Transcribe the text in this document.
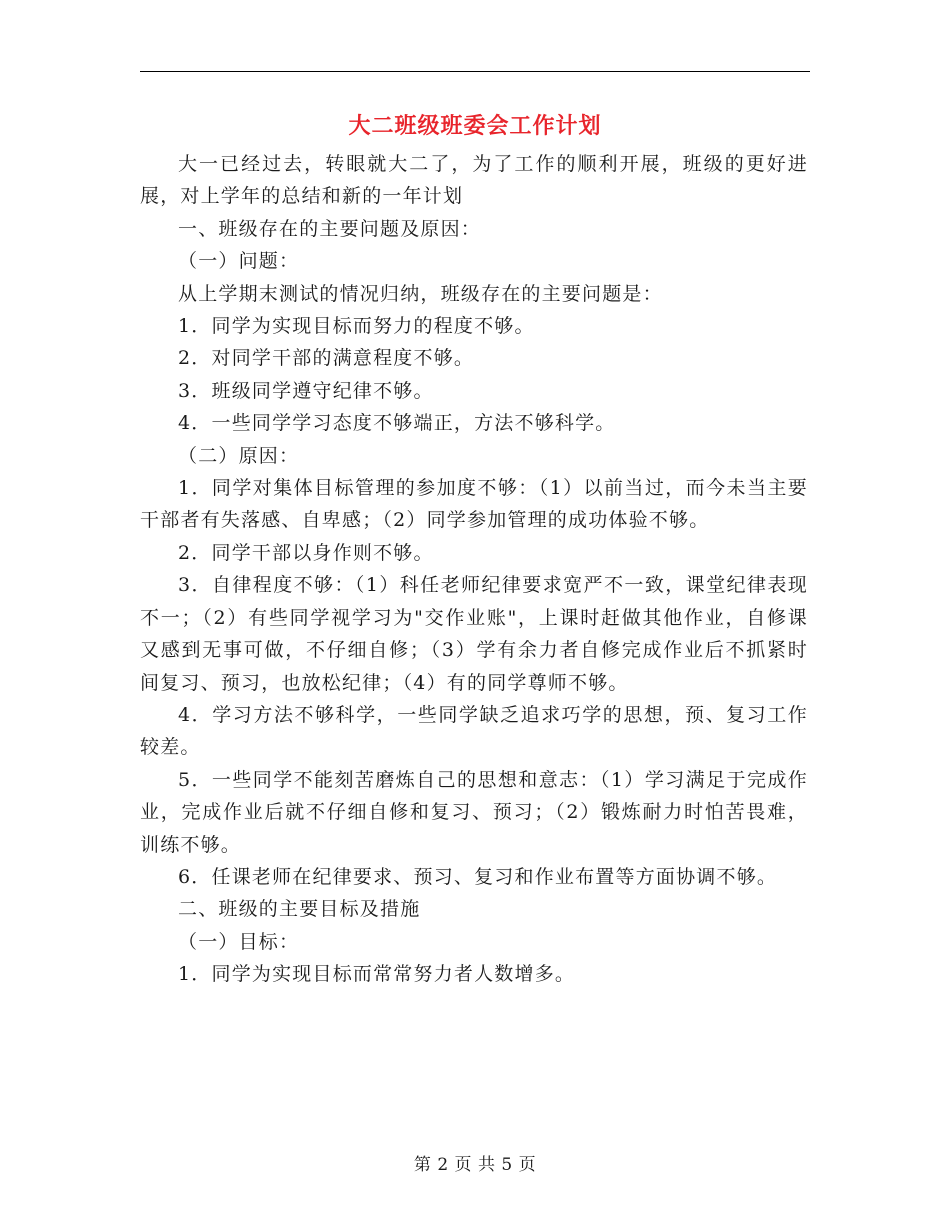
大二班级班委会工作计划

大一已经过去，转眼就大二了，为了工作的顺利开展，班级的更好进展，对上学年的总结和新的一年计划

一、班级存在的主要问题及原因：

（一）问题：

从上学期末测试的情况归纳，班级存在的主要问题是：

1．同学为实现目标而努力的程度不够。

2．对同学干部的满意程度不够。

3．班级同学遵守纪律不够。

4．一些同学学习态度不够端正，方法不够科学。

（二）原因：

1．同学对集体目标管理的参加度不够：（1）以前当过，而今未当主要干部者有失落感、自卑感；（2）同学参加管理的成功体验不够。

2．同学干部以身作则不够。

3．自律程度不够：（1）科任老师纪律要求宽严不一致，课堂纪律表现不一；（2）有些同学视学习为"交作业账"，上课时赶做其他作业，自修课又感到无事可做，不仔细自修；（3）学有余力者自修完成作业后不抓紧时间复习、预习，也放松纪律；（4）有的同学尊师不够。

4．学习方法不够科学，一些同学缺乏追求巧学的思想，预、复习工作较差。

5．一些同学不能刻苦磨炼自己的思想和意志：（1）学习满足于完成作业，完成作业后就不仔细自修和复习、预习；（2）锻炼耐力时怕苦畏难，训练不够。

6．任课老师在纪律要求、预习、复习和作业布置等方面协调不够。

二、班级的主要目标及措施

（一）目标：

1．同学为实现目标而常常努力者人数增多。

第 2 页 共 5 页
